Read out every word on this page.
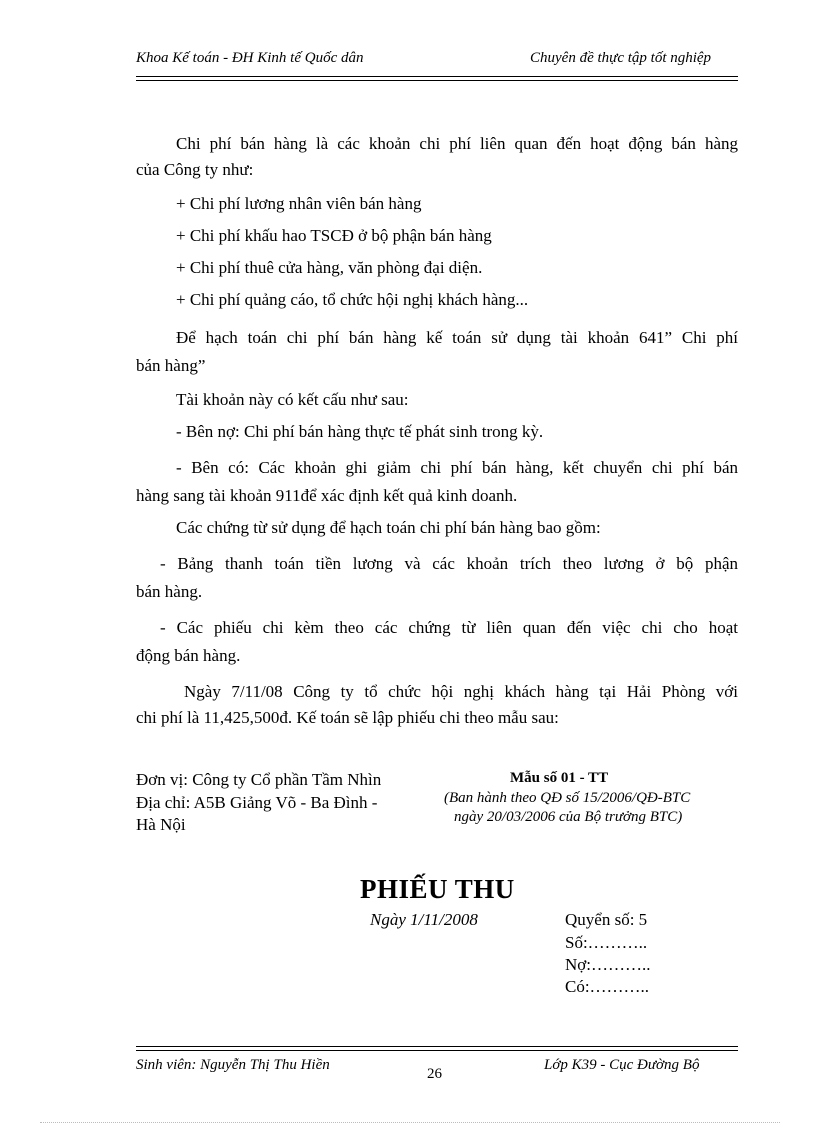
Khoa Kế toán - ĐH Kinh tế Quốc dân	Chuyên đề thực tập tốt nghiệp
Chi phí bán hàng là các khoản chi phí liên quan đến hoạt động bán hàng
của Công ty như:
+ Chi phí lương nhân viên bán hàng
+ Chi phí khấu hao TSCĐ ở bộ phận bán hàng
+ Chi phí thuê cửa hàng, văn phòng đại diện.
+ Chi phí quảng cáo, tổ chức hội nghị khách hàng...
Để hạch toán chi phí bán hàng kế toán sử dụng tài khoản 641” Chi phí
bán hàng”
Tài khoản này có kết cấu như sau:
- Bên nợ: Chi phí bán hàng thực tế phát sinh trong kỳ.
- Bên có: Các khoản ghi giảm chi phí bán hàng, kết chuyển chi phí bán
hàng sang tài khoản 911để xác định kết quả kinh doanh.
Các chứng từ sử dụng để hạch toán chi phí bán hàng bao gồm:
- Bảng thanh toán tiền lương và các khoản trích theo lương ở bộ phận
bán hàng.
- Các phiếu chi kèm theo các chứng từ liên quan đến việc chi cho hoạt
động bán hàng.
Ngày 7/11/08 Công ty tổ chức hội nghị khách hàng tại Hải Phòng với
chi phí là 11,425,500đ. Kế toán sẽ lập phiếu chi theo mẫu sau:
Đơn vị: Công ty Cổ phần Tầm Nhìn
Địa chỉ: A5B Giảng Võ - Ba Đình -
Hà Nội
Mẫu số 01 - TT
(Ban hành theo QĐ số 15/2006/QĐ-BTC
ngày 20/03/2006 của Bộ trưởng BTC)
PHIẾU THU
Ngày 1/11/2008	Quyển số: 5
Số:………..
Nợ:………..
Có:………..
Sinh viên: Nguyễn Thị Thu Hiền
26
Lớp K39 - Cục Đường Bộ
